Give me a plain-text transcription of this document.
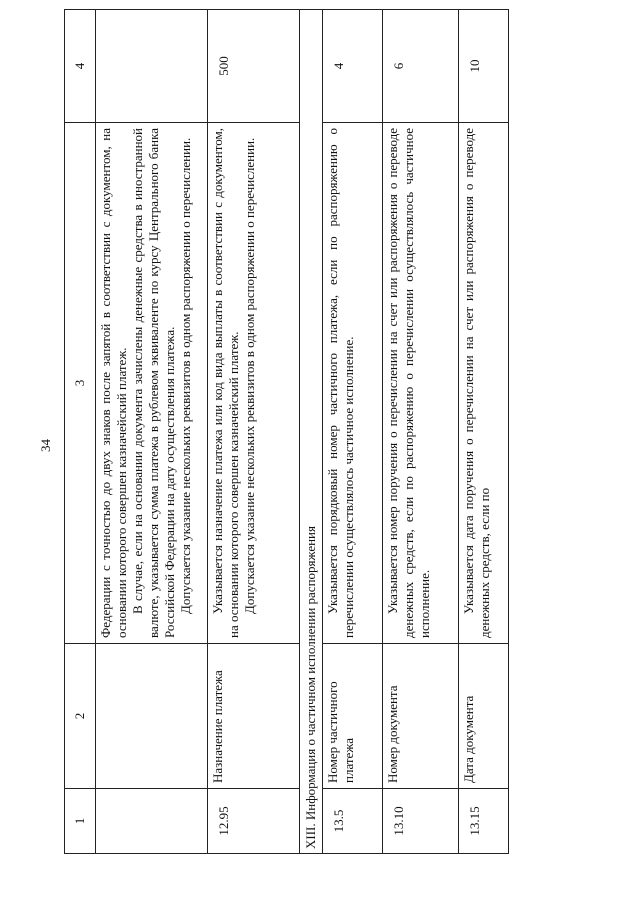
34
1	2	3	4

		Федерации с точностью до двух знаков после запятой в соответствии с документом, на основании которого совершен казначейский платеж. В случае, если на основании документа зачислены денежные средства в иностранной валюте, указывается сумма платежа в рублевом эквиваленте по курсу Центрального банка Российской Федерации на дату осуществления платежа. Допускается указание нескольких реквизитов в одном распоряжении о перечислении.	

12.95	Назначение платежа	Указывается назначение платежа или код вида выплаты в соответствии с документом, на основании которого совершен казначейский платеж. Допускается указание нескольких реквизитов в одном распоряжении о перечислении.	500
XIII. Информация о частичном исполнении распоряжения			
13.5	Номер частичного платежа	Указывается порядковый номер частичного платежа, если по распоряжению о перечислении осуществлялось частичное исполнение.	4
13.10	Номер документа	Указывается номер поручения о перечислении на счет или распоряжения о переводе денежных средств, если по распоряжению о перечислении осуществлялось частичное исполнение.	6
13.15	Дата документа	Указывается дата поручения о перечислении на счет или распоряжения о переводе денежных средств, если по	10
